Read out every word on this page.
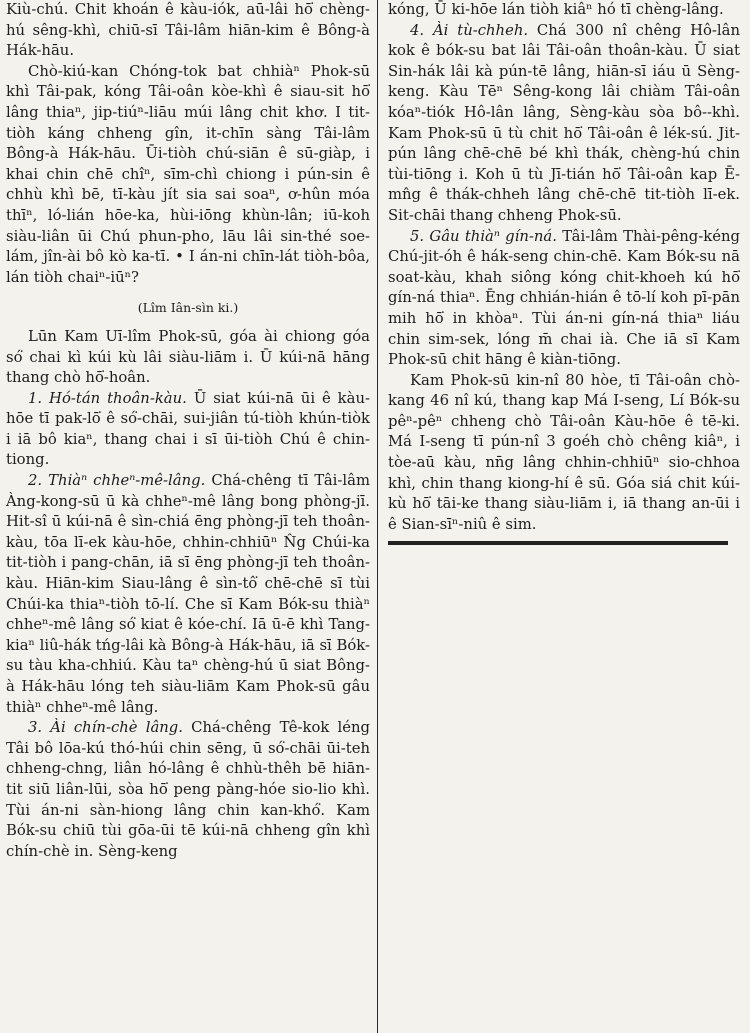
Kiù-chú. Chit khoán ê kàu-iók, aū-lâi hō͘ chèng-hú sêng-khì, chiū-sī Tâi-lâm hiān-kim ê Bông-à Hák-hāu.

Chò-kiú-kan Chóng-tok bat chhiàⁿ Phok-sū khì Tâi-pak, kóng Tâi-oân kòe-khì ê siau-sit hō͘ lâng thiaⁿ, jip-tiúⁿ-liāu múi lâng chit khơ. I tit-tiòh káng chheng gîn, it-chīn sàng Tâi-lâm Bông-à Hák-hāu. Ūi-tiòh chú-siān ê sū-giàp, i khai chin chē chîⁿ, sīm-chì chiong i pún-sin ê chhù khì bē, tī-kàu jít sia sai soaⁿ, ơ-hûn móa thīⁿ, ló-lián hōe-ka, hùi-iōng khùn-lân; iū-koh siàu-liân ūi Chú phun-pho, lāu lâi sin-thé soe-lám, jîn-ài bô kò ka-tī. • I án-ni chīn-lát tiòh-bôa, lán tiòh chaiⁿ-iūⁿ?

(Lîm Iân-sìn ki.)

Lūn Kam Uī-lîm Phok-sū, góa ài chiong góa só͘ chai kì kúi kù lâi siàu-liām i. Ū kúi-nā hāng thang chò hō͘-hoân.

1. Hó-tán thoân-kàu. Ū siat kúi-nā ūi ê kàu-hōe tī pak-lō͘ ê só͘-chāi, sui-jiân tú-tiòh khún-tiòk i iā bô kiaⁿ, thang chai i sī ūi-tiòh Chú ê chin-tiong.

2. Thiàⁿ chheⁿ-mê-lâng. Chá-chêng tī Tâi-lâm Àng-kong-sū ū kà chheⁿ-mê lâng bong phòng-jī. Hit-sî ū kúi-nā ê sìn-chiá ēng phòng-jī teh thoân-kàu, tōa lī-ek kàu-hōe, chhin-chhiūⁿ N̂g Chúi-ka tit-tiòh i pang-chān, iā sī ēng phòng-jī teh thoân-kàu. Hiān-kim Siau-lâng ê sìn-tô͘ chē-chē sī tùi Chúi-ka thiaⁿ-tiòh tō-lí. Che sī Kam Bók-su thiàⁿ chheⁿ-mê lâng só͘ kiat ê kóe-chí. Iā ū-ē khì Tang-kiaⁿ liû-hák tńg-lâi kà Bông-à Hák-hāu, iā sī Bók-su tàu kha-chhiú. Kàu taⁿ chèng-hú ū siat Bông-à Hák-hāu lóng teh siàu-liām Kam Phok-sū gâu thiàⁿ chheⁿ-mê lâng.

3. Ài chín-chè lâng. Chá-chêng Tê-kok léng Tâi bô lōa-kú thó-húi chin sēng, ū só͘-chāi ūi-teh chheng-chng, liân hó-lâng ê chhù-thêh bē hiān-tit siū liân-lūi, sòa hō͘ peng pàng-hóe sio-lio khì. Tùi án-ni sàn-hiong lâng chin kan-khó͘. Kam Bók-su chiū tùi gōa-ūi tē kúi-nā chheng gîn khì chín-chè in. Sèng-keng

kóng, Ū ki-hōe lán tiòh kiâⁿ hó tī chèng-lâng.

4. Ài tù-chheh. Chá 300 nî chêng Hô-lân kok ê bók-su bat lâi Tâi-oân thoân-kàu. Ū siat Sin-hák lâi kà pún-tē lâng, hiān-sī iáu ū Sèng-keng. Kàu Tēⁿ Sêng-kong lâi chiàm Tâi-oân kóaⁿ-tiók Hô-lân lâng, Sèng-kàu sòa bô--khì. Kam Phok-sū ū tù chit hō͘ Tâi-oân ê lék-sú. Jit-pún lâng chē-chē bé khì thák, chèng-hú chin tùi-tiōng i. Koh ū tù Jī-tián hō͘ Tâi-oân kap Ē-mn̂g ê thák-chheh lâng chē-chē tit-tiòh lī-ek. Sit-chāi thang chheng Phok-sū.

5. Gâu thiàⁿ gín-ná. Tâi-lâm Thài-pêng-kéng Chú-jit-óh ê hák-seng chin-chē. Kam Bók-su nā soat-kàu, khah siông kóng chit-khoeh kú hō͘ gín-ná thiaⁿ. Ēng chhián-hián ê tō-lí koh pī-pān mih hō͘ in khòaⁿ. Tùi án-ni gín-ná thiaⁿ liáu chin sim-sek, lóng m̄ chai ià. Che iā sī Kam Phok-sū chit hāng ê kiàn-tiōng.

Kam Phok-sū kin-nî 80 hòe, tī Tâi-oân chò-kang 46 nî kú, thang kap Má I-seng, Lí Bók-su pêⁿ-pêⁿ chheng chò Tâi-oân Kàu-hōe ê tē-ki. Má I-seng tī pún-nî 3 goéh chò chêng kiâⁿ, i tòe-aū kàu, nn̄g lâng chhin-chhiūⁿ sio-chhoa khì, chin thang kiong-hí ê sū. Góa siá chit kúi-kù hō͘ tāi-ke thang siàu-liām i, iā thang an-ūi i ê Sian-sīⁿ-niû ê sim.
